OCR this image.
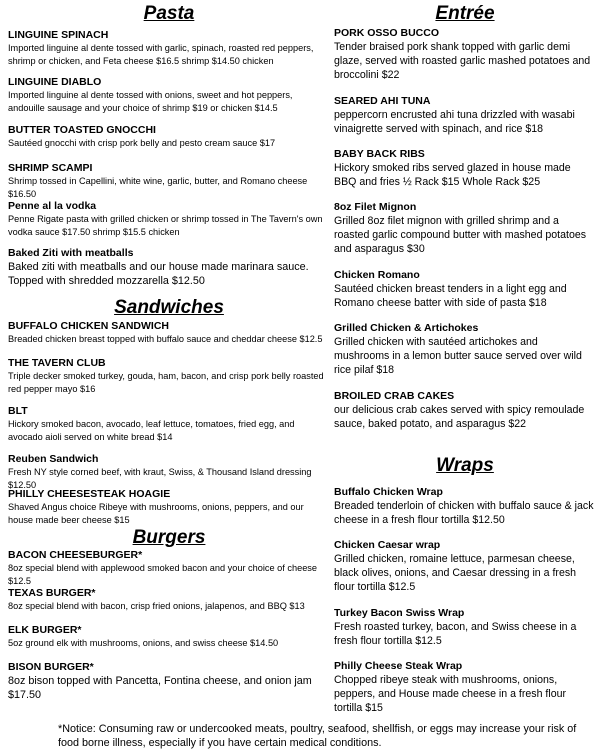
Pasta
LINGUINE SPINACH
Imported linguine al dente tossed with garlic, spinach, roasted red peppers, shrimp or chicken, and Feta cheese $16.5 shrimp $14.50 chicken
LINGUINE DIABLO
Imported linguine al dente tossed with onions, sweet and hot peppers, andouille sausage and your choice of shrimp $19 or chicken $14.5
BUTTER TOASTED GNOCCHI
Sautéed gnocchi with crisp pork belly and pesto cream sauce $17
SHRIMP SCAMPI
Shrimp tossed in Capellini, white wine, garlic, butter, and Romano cheese $16.50
Penne al la vodka
Penne Rigate pasta with grilled chicken or shrimp tossed in The Tavern's own vodka sauce $17.50 shrimp $15.5 chicken
Baked Ziti with meatballs
Baked ziti with meatballs and our house made marinara sauce. Topped with shredded mozzarella $12.50
Sandwiches
BUFFALO CHICKEN SANDWICH
Breaded chicken breast topped with buffalo sauce and cheddar cheese $12.5
THE TAVERN CLUB
Triple decker smoked turkey, gouda, ham, bacon, and crisp pork belly roasted red pepper mayo $16
BLT
Hickory smoked bacon, avocado, leaf lettuce, tomatoes, fried egg, and avocado aioli served on white bread $14
Reuben Sandwich
Fresh NY style corned beef, with kraut, Swiss, & Thousand Island dressing $12.50
PHILLY CHEESESTEAK HOAGIE
Shaved Angus choice Ribeye with mushrooms, onions, peppers, and our house made beer cheese $15
Burgers
BACON CHEESEBURGER*
8oz special blend with applewood smoked bacon and your choice of cheese $12.5
TEXAS BURGER*
8oz special blend with bacon, crisp fried onions, jalapenos, and BBQ $13
ELK BURGER*
5oz ground elk with mushrooms, onions, and swiss cheese $14.50
BISON BURGER*
8oz bison topped with Pancetta, Fontina cheese, and onion jam $17.50
Entrée
PORK OSSO BUCCO
Tender braised pork shank topped with garlic demi glaze, served with roasted garlic mashed potatoes and broccolini $22
SEARED AHI TUNA
peppercorn encrusted ahi tuna drizzled with wasabi vinaigrette served with spinach, and rice $18
BABY BACK RIBS
Hickory smoked ribs served glazed in house made BBQ and fries ½ Rack $15 Whole Rack $25
8oz Filet Mignon
Grilled 8oz filet mignon with grilled shrimp and a roasted garlic compound butter with mashed potatoes and asparagus $30
Chicken Romano
Sautéed chicken breast tenders in a light egg and Romano cheese batter with side of pasta $18
Grilled Chicken & Artichokes
Grilled chicken with sautéed artichokes and mushrooms in a lemon butter sauce served over wild rice pilaf $18
BROILED CRAB CAKES
our delicious crab cakes served with spicy remoulade sauce, baked potato, and asparagus $22
Wraps
Buffalo Chicken Wrap
Breaded tenderloin of chicken with buffalo sauce & jack cheese in a fresh flour tortilla $12.50
Chicken Caesar wrap
Grilled chicken, romaine lettuce, parmesan cheese, black olives, onions, and Caesar dressing in a fresh flour tortilla $12.5
Turkey Bacon Swiss Wrap
Fresh roasted turkey, bacon, and Swiss cheese in a fresh flour tortilla $12.5
Philly Cheese Steak Wrap
Chopped ribeye steak with mushrooms, onions, peppers, and House made cheese in a fresh flour tortilla $15
*Notice: Consuming raw or undercooked meats, poultry, seafood, shellfish, or eggs may increase your risk of food borne illness, especially if you have certain medical conditions.
